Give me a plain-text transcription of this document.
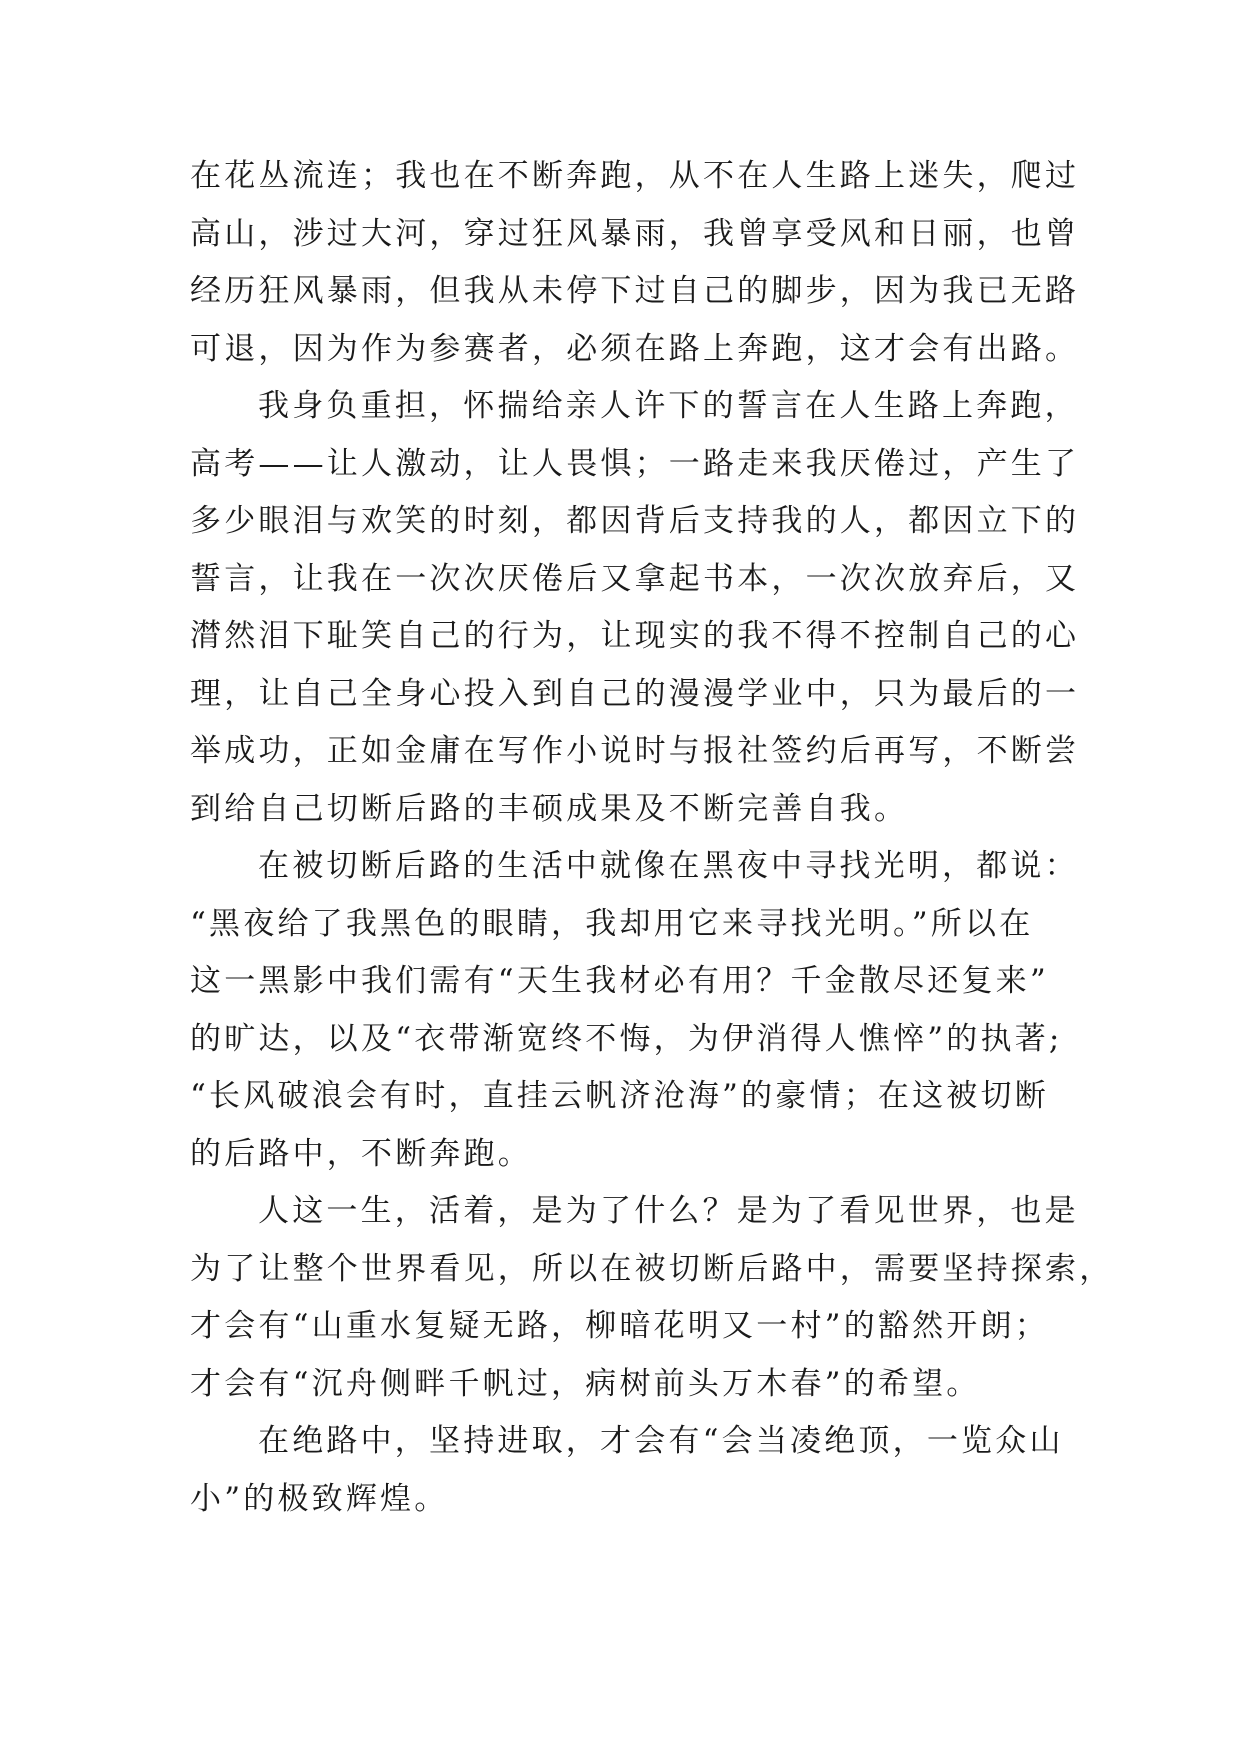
在花丛流连；我也在不断奔跑，从不在人生路上迷失，爬过
高山，涉过大河，穿过狂风暴雨，我曾享受风和日丽，也曾
经历狂风暴雨，但我从未停下过自己的脚步，因为我已无路
可退，因为作为参赛者，必须在路上奔跑，这才会有出路。
我身负重担，怀揣给亲人许下的誓言在人生路上奔跑，
高考——让人激动，让人畏惧；一路走来我厌倦过，产生了
多少眼泪与欢笑的时刻，都因背后支持我的人，都因立下的
誓言，让我在一次次厌倦后又拿起书本，一次次放弃后，又
潸然泪下耻笑自己的行为，让现实的我不得不控制自己的心
理，让自己全身心投入到自己的漫漫学业中，只为最后的一
举成功，正如金庸在写作小说时与报社签约后再写，不断尝
到给自己切断后路的丰硕成果及不断完善自我。
在被切断后路的生活中就像在黑夜中寻找光明，都说：
“黑夜给了我黑色的眼睛，我却用它来寻找光明。”所以在
这一黑影中我们需有“天生我材必有用？千金散尽还复来”
的旷达，以及“衣带渐宽终不悔，为伊消得人憔悴”的执著;
“长风破浪会有时，直挂云帆济沧海”的豪情；在这被切断
的后路中，不断奔跑。
人这一生，活着，是为了什么？是为了看见世界，也是
为了让整个世界看见，所以在被切断后路中，需要坚持探索，
才会有“山重水复疑无路，柳暗花明又一村”的豁然开朗；
才会有“沉舟侧畔千帆过，病树前头万木春”的希望。
在绝路中，坚持进取，才会有“会当凌绝顶，一览众山
小”的极致辉煌。
